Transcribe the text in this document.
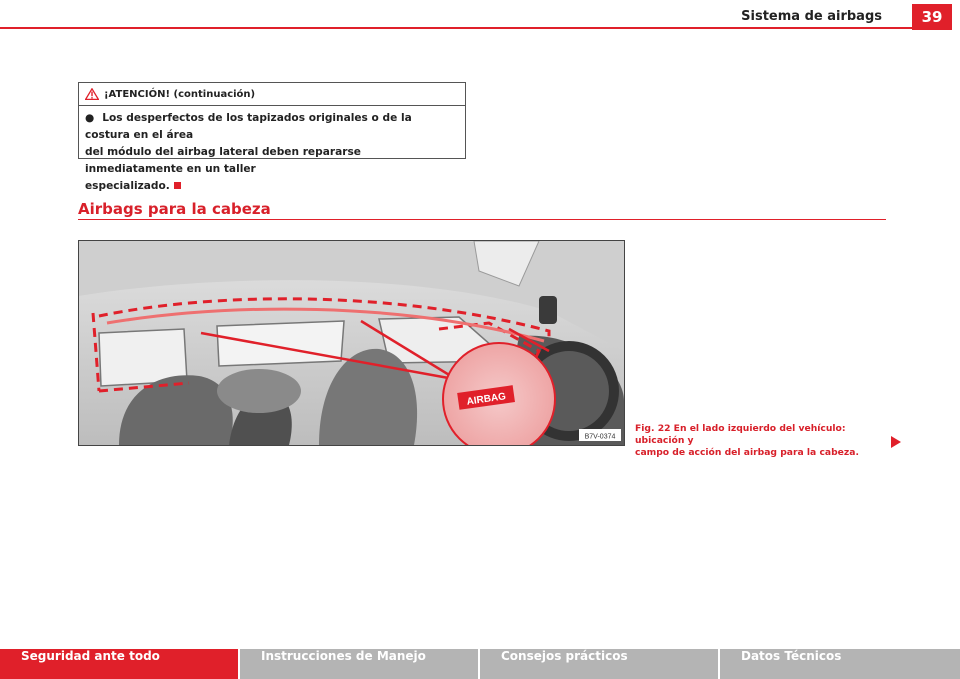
Sistema de airbags	39
¡ATENCIÓN! (continuación)
● Los desperfectos de los tapizados originales o de la costura en el área
del módulo del airbag lateral deben repararse inmediatamente en un taller
especializado.
Airbags para la cabeza
AIRBAG
B7V-0374
Fig. 22 En el lado izquierdo del vehículo: ubicación y
campo de acción del airbag para la cabeza.
Seguridad ante todo	Instrucciones de Manejo	Consejos prácticos	Datos Técnicos
